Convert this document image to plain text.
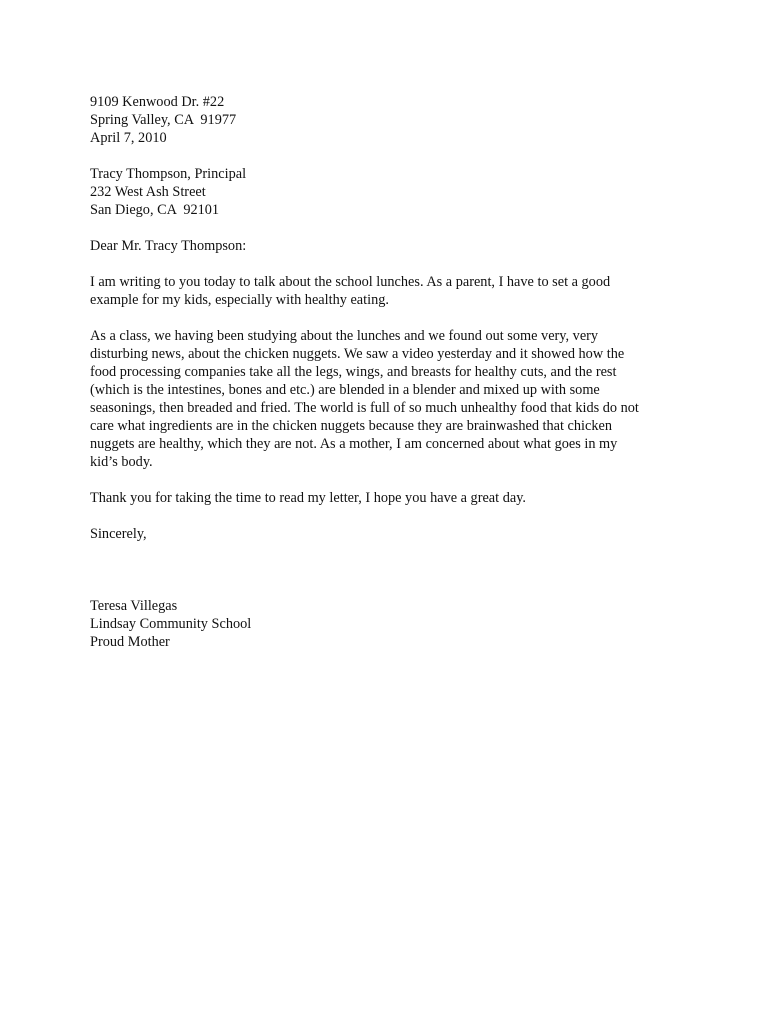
9109 Kenwood Dr. #22
Spring Valley, CA  91977
April 7, 2010
Tracy Thompson, Principal
232 West Ash Street
San Diego, CA  92101
Dear Mr. Tracy Thompson:
I am writing to you today to talk about the school lunches. As a parent, I have to set a good
example for my kids, especially with healthy eating.
As a class, we having been studying about the lunches and we found out some very, very
disturbing news, about the chicken nuggets. We saw a video yesterday and it showed how the
food processing companies take all the legs, wings, and breasts for healthy cuts, and the rest
(which is the intestines, bones and etc.) are blended in a blender and mixed up with some
seasonings, then breaded and fried. The world is full of so much unhealthy food that kids do not
care what ingredients are in the chicken nuggets because they are brainwashed that chicken
nuggets are healthy, which they are not. As a mother, I am concerned about what goes in my
kid’s body.
Thank you for taking the time to read my letter, I hope you have a great day.
Sincerely,
Teresa Villegas
Lindsay Community School
Proud Mother
